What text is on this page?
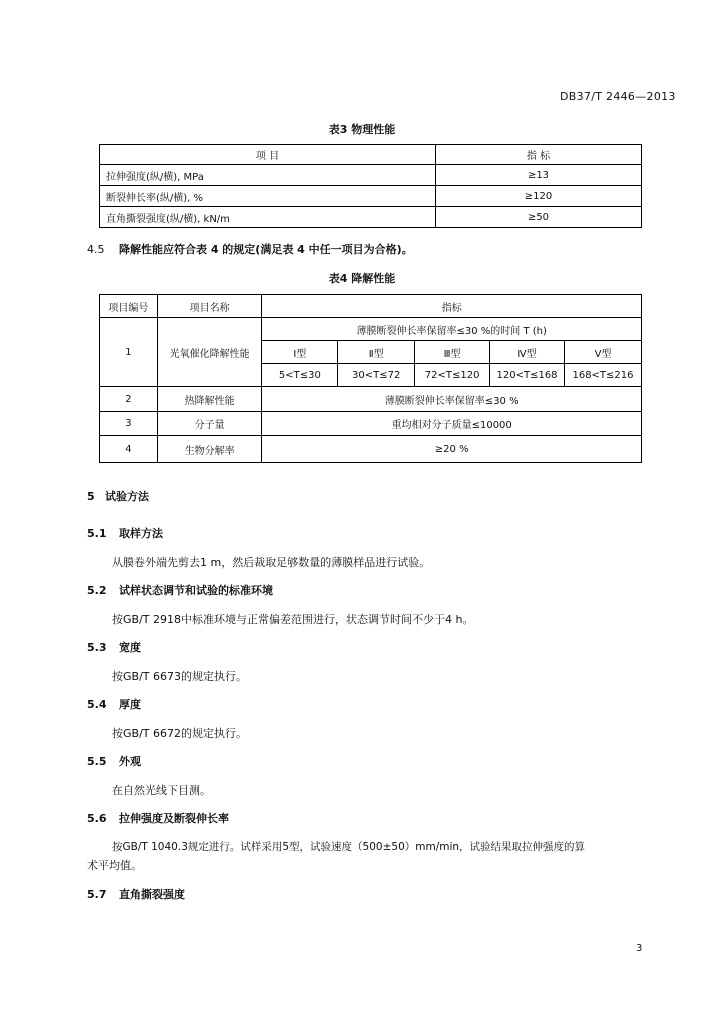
DB37/T 2446—2013
表3 物理性能
项 目	指 标
拉伸强度(纵/横), MPa	≥13
断裂伸长率(纵/横), %	≥120
直角撕裂强度(纵/横), kN/m	≥50
4.5 降解性能应符合表 4 的规定(满足表 4 中任一项目为合格)。
表4 降解性能
项目编号	项目名称	指标				
1	光氧催化降解性能	薄膜断裂伸长率保留率≤30 %的时间 T (h)				
		Ⅰ型	Ⅱ型	Ⅲ型	Ⅳ型	Ⅴ型
		5<T≤30	30<T≤72	72<T≤120	120<T≤168	168<T≤216
2	热降解性能	薄膜断裂伸长率保留率≤30 %				
3	分子量	重均相对分子质量≤10000				
4	生物分解率	≥20 %				
5 试验方法
5.1 取样方法
从膜卷外端先剪去1 m，然后裁取足够数量的薄膜样品进行试验。
5.2 试样状态调节和试验的标准环境
按GB/T 2918中标准环境与正常偏差范围进行，状态调节时间不少于4 h。
5.3 宽度
按GB/T 6673的规定执行。
5.4 厚度
按GB/T 6672的规定执行。
5.5 外观
在自然光线下目测。
5.6 拉伸强度及断裂伸长率
按GB/T 1040.3规定进行。试样采用5型，试验速度（500±50）mm/min，试验结果取拉伸强度的算
术平均值。
5.7 直角撕裂强度
3
